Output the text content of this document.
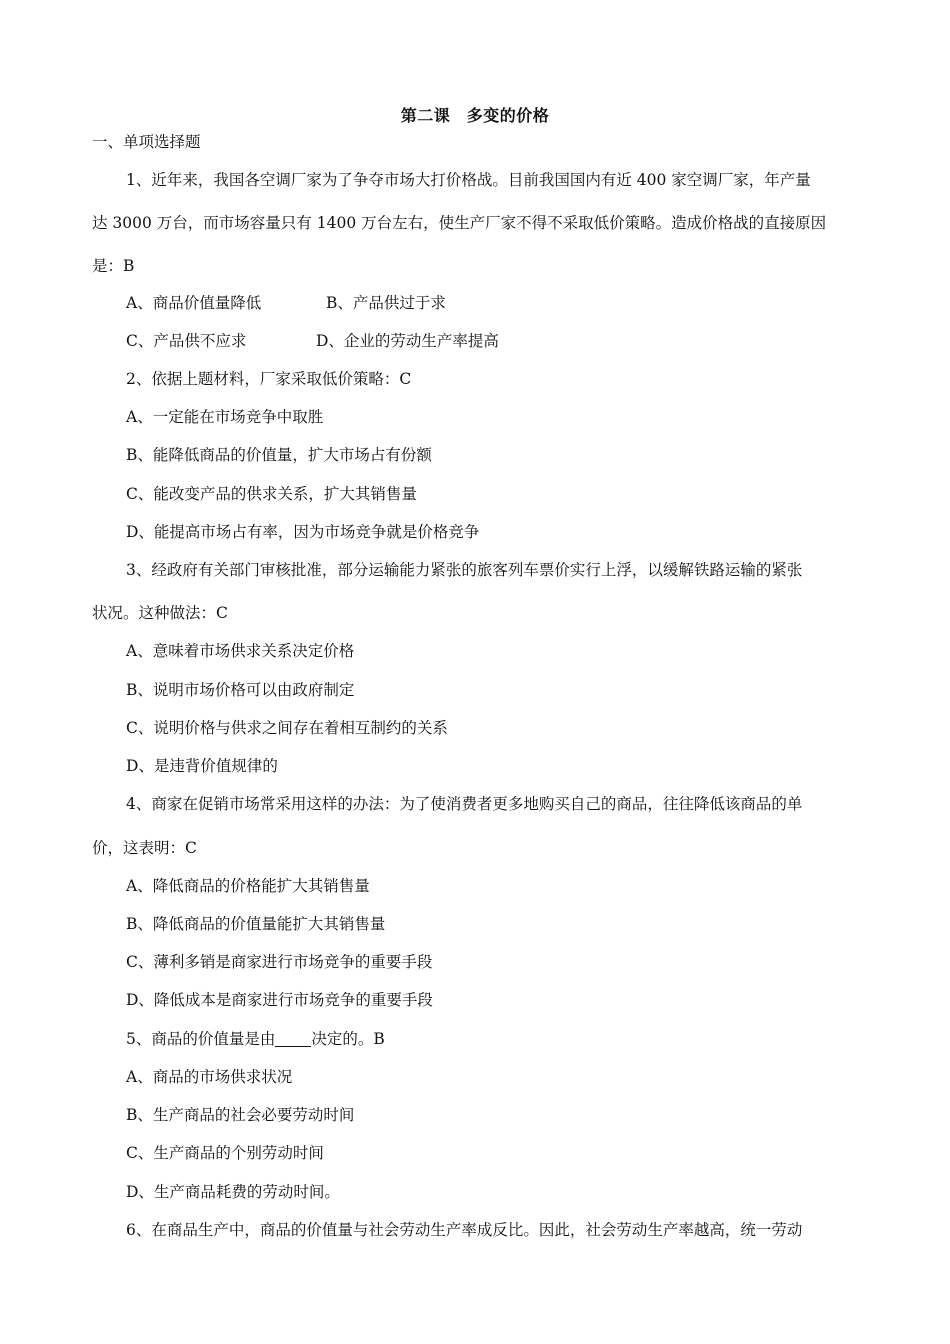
第二课　多变的价格
一、单项选择题
1、近年来，我国各空调厂家为了争夺市场大打价格战。目前我国国内有近 400 家空调厂家，年产量
达 3000 万台，而市场容量只有 1400 万台左右，使生产厂家不得不采取低价策略。造成价格战的直接原因
是：B
A、商品价值量降低	B、产品供过于求
C、产品供不应求	D、企业的劳动生产率提高
2、依据上题材料，厂家采取低价策略：C
A、一定能在市场竞争中取胜
B、能降低商品的价值量，扩大市场占有份额
C、能改变产品的供求关系，扩大其销售量
D、能提高市场占有率，因为市场竞争就是价格竞争
3、经政府有关部门审核批准，部分运输能力紧张的旅客列车票价实行上浮，以缓解铁路运输的紧张
状况。这种做法：C
A、意味着市场供求关系决定价格
B、说明市场价格可以由政府制定
C、说明价格与供求之间存在着相互制约的关系
D、是违背价值规律的
4、商家在促销市场常采用这样的办法：为了使消费者更多地购买自己的商品，往往降低该商品的单
价，这表明：C
A、降低商品的价格能扩大其销售量
B、降低商品的价值量能扩大其销售量
C、薄利多销是商家进行市场竞争的重要手段
D、降低成本是商家进行市场竞争的重要手段
5、商品的价值量是由 决定的。B
A、商品的市场供求状况
B、生产商品的社会必要劳动时间
C、生产商品的个别劳动时间
D、生产商品耗费的劳动时间。
6、在商品生产中，商品的价值量与社会劳动生产率成反比。因此，社会劳动生产率越高，统一劳动
